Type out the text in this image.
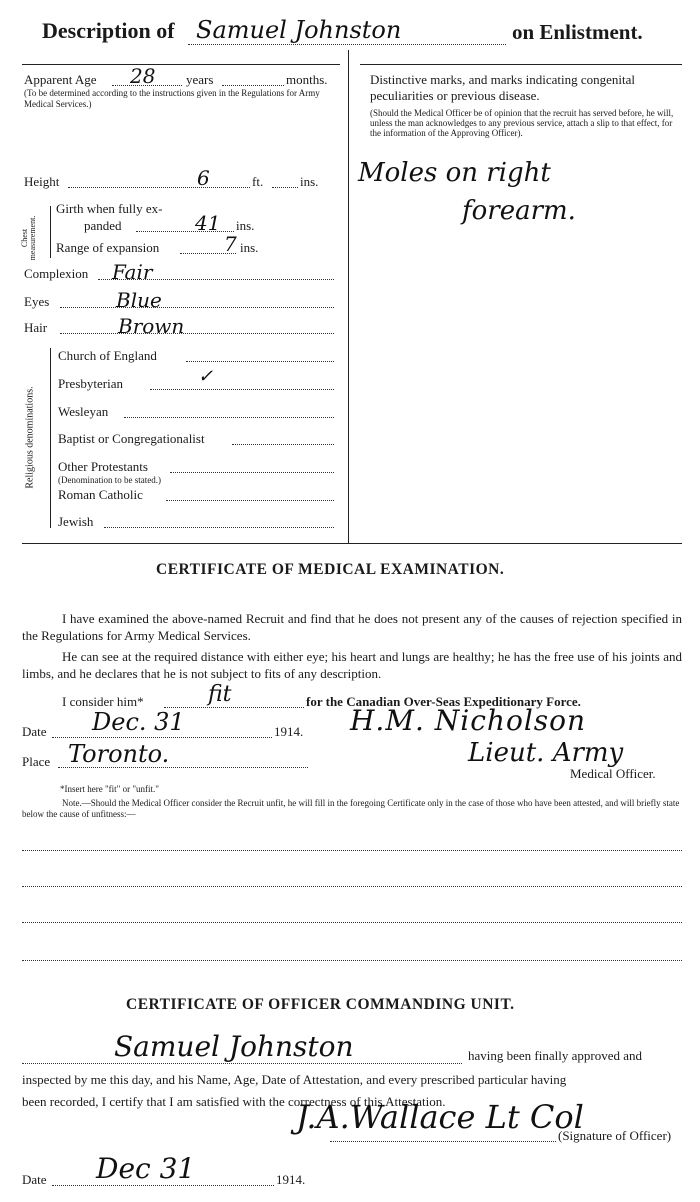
Description of Samuel Johnston	on Enlistment.
Apparent Age 28 years	months.
(To be determined according to the instructions given in the Regulations for Army Medical Services.)
Height	6	ft.	ins.
Chest measurement.
Girth when fully ex-
panded	41 ins.
Range of expansion	7 ins.
Complexion Fair
Eyes	Blue
Hair	Brown
Religious denominations.
Church of England
Presbyterian	✓
Wesleyan
Baptist or Congregationalist
Other Protestants
(Denomination to be stated.)
Roman Catholic
Jewish
Distinctive marks, and marks indicating congenital peculiarities or previous disease.
(Should the Medical Officer be of opinion that the recruit has served before, he will, unless the man acknowledges to any previous service, attach a slip to that effect, for the information of the Approving Officer).
Moles on right
forearm.
CERTIFICATE OF MEDICAL EXAMINATION.
I have examined the above-named Recruit and find that he does not present any of the causes of rejection specified in the Regulations for Army Medical Services.
He can see at the required distance with either eye; his heart and lungs are healthy; he has the free use of his joints and limbs, and he declares that he is not subject to fits of any description.
I consider him*	fit	for the Canadian Over-Seas Expeditionary Force.
Date Dec. 31	1914.
Place Toronto.
H.M. Nicholson
Lieut. Army
Medical Officer.
*Insert here "fit" or "unfit."
Note.—Should the Medical Officer consider the Recruit unfit, he will fill in the foregoing Certificate only in the case of those who have been attested, and will briefly state below the cause of unfitness:—
CERTIFICATE OF OFFICER COMMANDING UNIT.
Samuel Johnston	having been finally approved and
inspected by me this day, and his Name, Age, Date of Attestation, and every prescribed particular having
been recorded, I certify that I am satisfied with the correctness of this Attestation.
J.A.Wallace Lt Col
(Signature of Officer)
Date Dec 31	1914.
